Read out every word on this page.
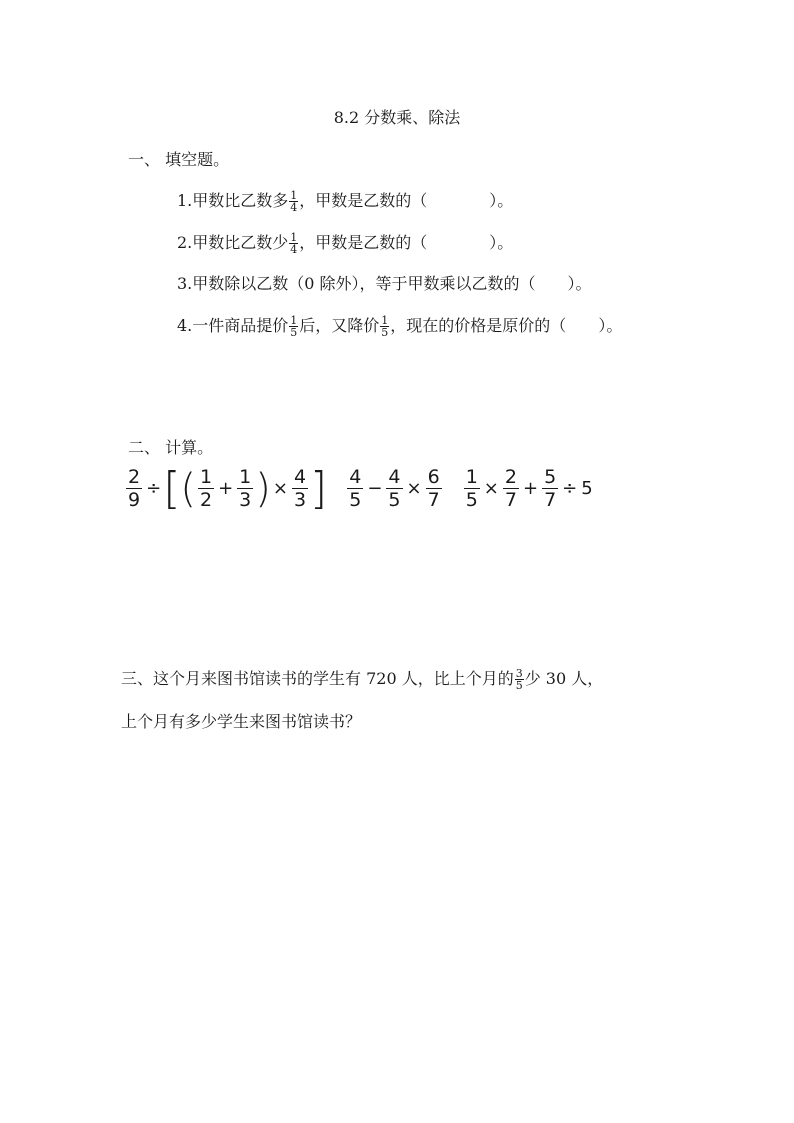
8.2 分数乘、除法
一、 填空题。
1.甲数比乙数多 $\frac{1}{4}$ ，甲数是乙数的（	）。
2.甲数比乙数少 $\frac{1}{4}$ ，甲数是乙数的（	）。
3.甲数除以乙数（0 除外），等于甲数乘以乙数的（ ）。
4.一件商品提价 $\frac{1}{5}$ 后，又降价 $\frac{1}{5}$ ，现在的价格是原价的（ ）。
二、 计算。
$\frac{2}{9}$ ÷ [ ( 1
2
+ $\frac{1}{3}$ ) × $\frac{4}{3}$ ] 4
5
− $\frac{4}{5} \times \frac{6}{7} \frac{1}{5} \times \frac{2}{7} + \frac{5}{7} \div 5$
三、这个月来图书馆读书的学生有 720 人，比上个月的 $\frac{3}{5}$ 少 30 人，
上个月有多少学生来图书馆读书？
